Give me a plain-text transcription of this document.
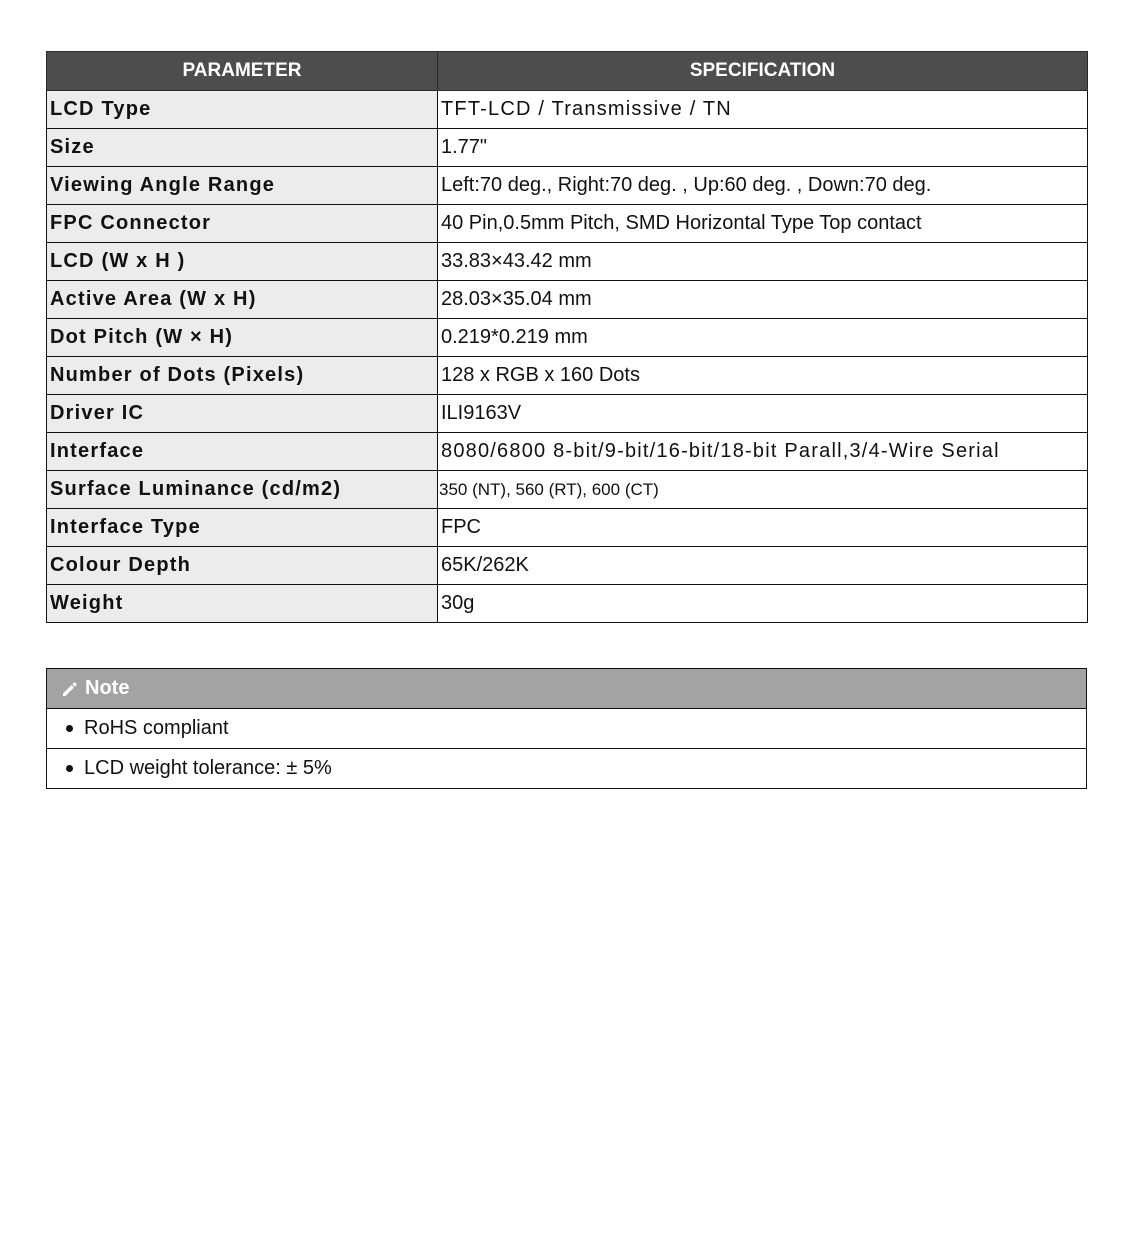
PARAMETER	SPECIFICATION
LCD Type	TFT-LCD / Transmissive / TN
Size	1.77"
Viewing Angle Range	Left:70 deg., Right:70 deg. , Up:60 deg. , Down:70 deg.
FPC Connector	40 Pin,0.5mm Pitch, SMD Horizontal Type Top contact
LCD (W x H )	33.83×43.42 mm
Active Area (W x H)	28.03×35.04 mm
Dot Pitch (W × H)	0.219*0.219 mm
Number of Dots (Pixels)	128 x RGB x 160 Dots
Driver IC	ILI9163V
Interface	8080/6800 8-bit/9-bit/16-bit/18-bit Parall,3/4-Wire Serial
Surface Luminance (cd/m2)	350 (NT), 560 (RT), 600 (CT)
Interface Type	FPC
Colour Depth	65K/262K
Weight	30g
Note
RoHS compliant
LCD weight tolerance: ± 5%
